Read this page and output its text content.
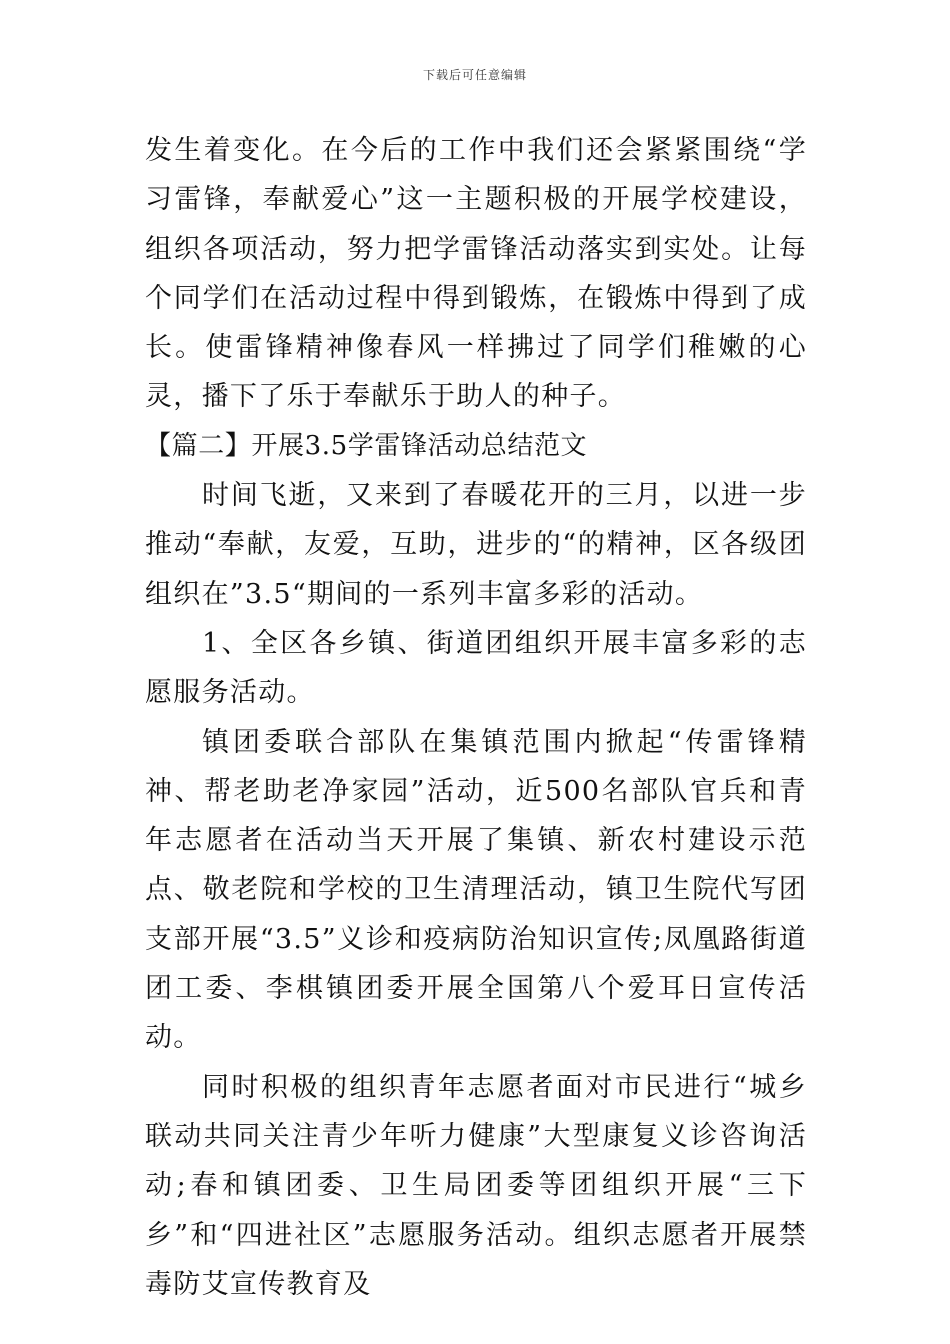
下载后可任意编辑

发生着变化。在今后的工作中我们还会紧紧围绕“学习雷锋，奉献爱心”这一主题积极的开展学校建设，组织各项活动，努力把学雷锋活动落实到实处。让每个同学们在活动过程中得到锻炼，在锻炼中得到了成长。使雷锋精神像春风一样拂过了同学们稚嫩的心灵，播下了乐于奉献乐于助人的种子。

【篇二】开展3.5学雷锋活动总结范文

时间飞逝，又来到了春暖花开的三月，以进一步推动“奉献，友爱，互助，进步的“的精神，区各级团组织在”3.5“期间的一系列丰富多彩的活动。

1、全区各乡镇、街道团组织开展丰富多彩的志愿服务活动。

镇团委联合部队在集镇范围内掀起“传雷锋精神、帮老助老净家园”活动，近500名部队官兵和青年志愿者在活动当天开展了集镇、新农村建设示范点、敬老院和学校的卫生清理活动，镇卫生院代写团支部开展“3.5”义诊和疫病防治知识宣传;凤凰路街道团工委、李棋镇团委开展全国第八个爱耳日宣传活动。

同时积极的组织青年志愿者面对市民进行“城乡联动共同关注青少年听力健康”大型康复义诊咨询活动;春和镇团委、卫生局团委等团组织开展“三下乡”和“四进社区”志愿服务活动。组织志愿者开展禁毒防艾宣传教育及
